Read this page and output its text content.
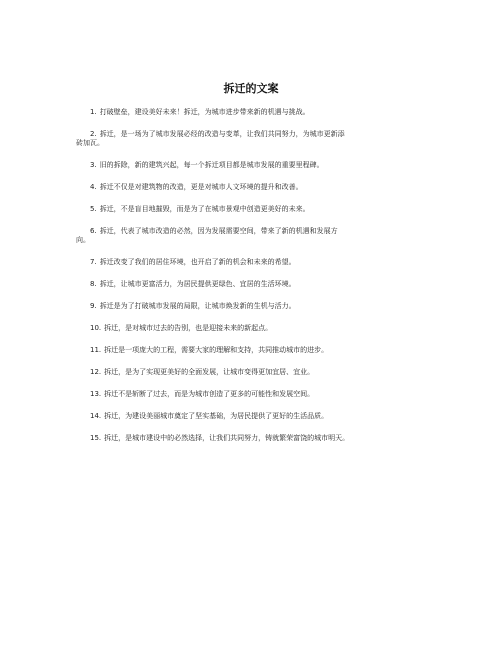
拆迁的文案
1. 打破壁垒，建设美好未来！拆迁，为城市进步带来新的机遇与挑战。
2. 拆迁，是一场为了城市发展必经的改造与变革，让我们共同努力，为城市更新添
砖加瓦。
3. 旧的拆除，新的建筑兴起，每一个拆迁项目都是城市发展的重要里程碑。
4. 拆迁不仅是对建筑物的改造，更是对城市人文环境的提升和改善。
5. 拆迁，不是盲目地摧毁，而是为了在城市景观中创造更美好的未来。
6. 拆迁，代表了城市改造的必然，因为发展需要空间，带来了新的机遇和发展方
向。
7. 拆迁改变了我们的居住环境，也开启了新的机会和未来的希望。
8. 拆迁，让城市更富活力，为居民提供更绿色、宜居的生活环境。
9. 拆迁是为了打破城市发展的局限，让城市焕发新的生机与活力。
10. 拆迁，是对城市过去的告别，也是迎接未来的新起点。
11. 拆迁是一项庞大的工程，需要大家的理解和支持，共同推动城市的进步。
12. 拆迁，是为了实现更美好的全面发展，让城市变得更加宜居、宜业。
13. 拆迁不是斩断了过去，而是为城市创造了更多的可能性和发展空间。
14. 拆迁，为建设美丽城市奠定了坚实基础，为居民提供了更好的生活品质。
15. 拆迁，是城市建设中的必然选择，让我们共同努力，铸就繁荣富饶的城市明天。
